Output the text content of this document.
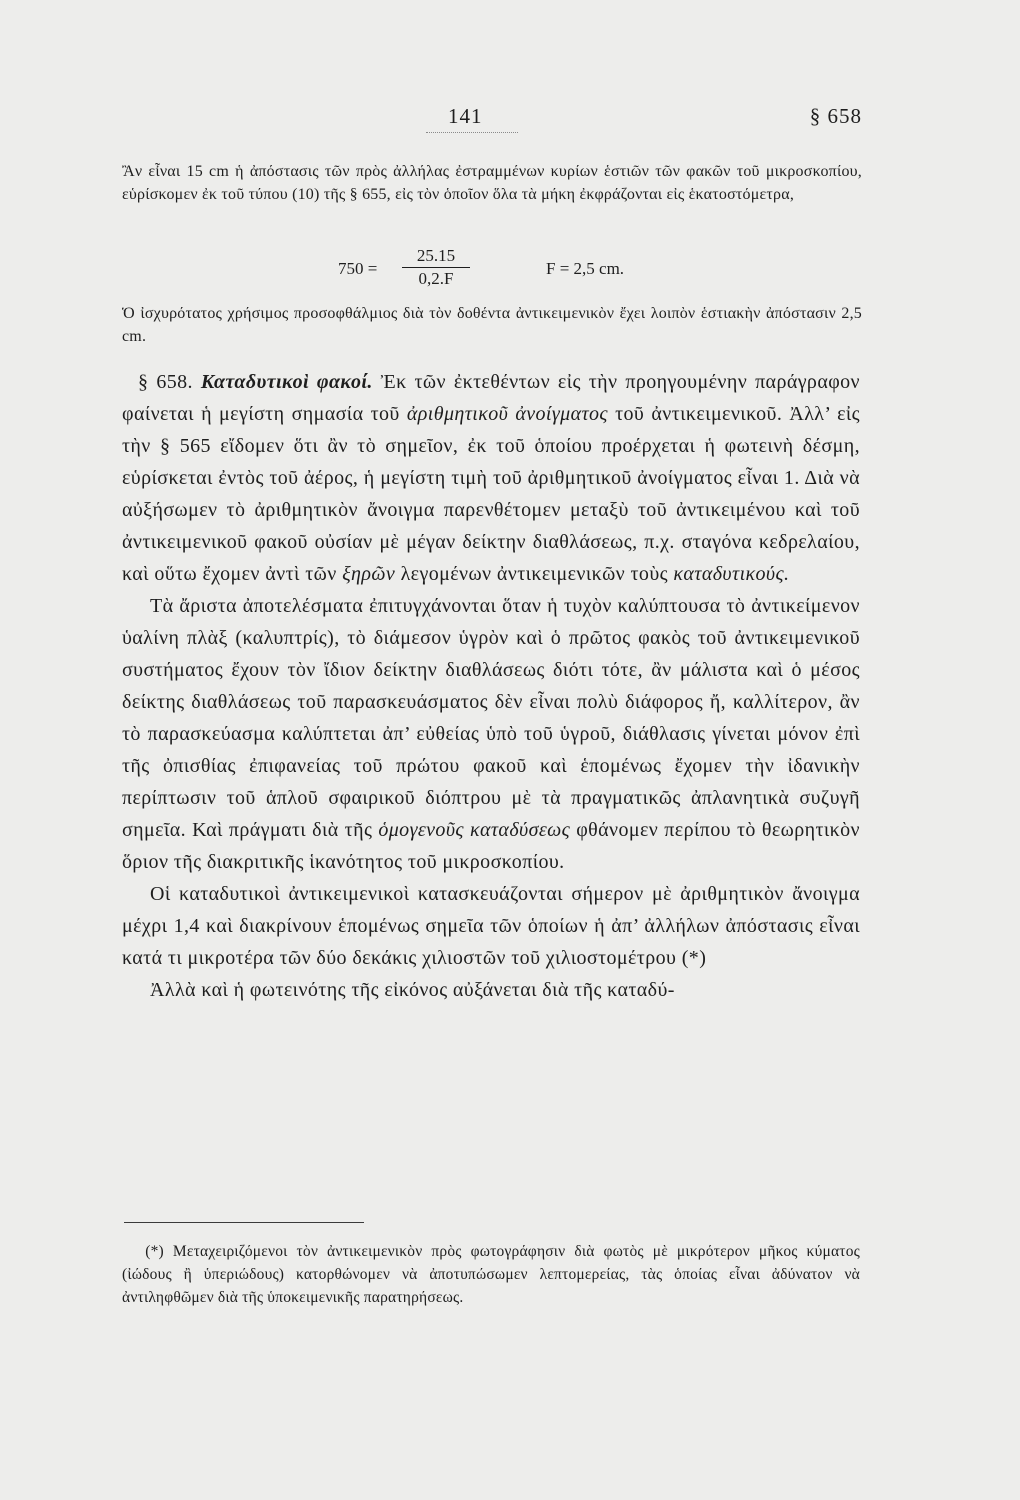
141	§ 658
Ἂν εἶναι 15 cm ἡ ἀπόστασις τῶν πρὸς ἀλλήλας ἐστραμμένων κυρίων ἑστιῶν τῶν φακῶν τοῦ μικροσκοπίου, εὑρίσκομεν ἐκ τοῦ τύπου (10) τῆς § 655, εἰς τὸν ὁποῖον ὅλα τὰ μήκη ἐκφράζονται εἰς ἑκατοστόμετρα,
$750 = \frac{25.15}{0,2.F}$	F = 2,5 cm.
Ὁ ἰσχυρότατος χρήσιμος προσοφθάλμιος διὰ τὸν δοθέντα ἀντικειμενικὸν ἔχει λοιπὸν ἑστιακὴν ἀπόστασιν 2,5 cm.

§ 658. Καταδυτικοὶ φακοί. Ἐκ τῶν ἐκτεθέντων εἰς τὴν προηγουμένην παράγραφον φαίνεται ἡ μεγίστη σημασία τοῦ ἀριθμητικοῦ ἀνοίγματος τοῦ ἀντικειμενικοῦ. Ἀλλ’ εἰς τὴν § 565 εἴδομεν ὅτι ἂν τὸ σημεῖον, ἐκ τοῦ ὁποίου προέρχεται ἡ φωτεινὴ δέσμη, εὑρίσκεται ἐντὸς τοῦ ἀέρος, ἡ μεγίστη τιμὴ τοῦ ἀριθμητικοῦ ἀνοίγματος εἶναι 1. Διὰ νὰ αὐξήσωμεν τὸ ἀριθμητικὸν ἄνοιγμα παρενθέτομεν μεταξὺ τοῦ ἀντικειμένου καὶ τοῦ ἀντικειμενικοῦ φακοῦ οὐσίαν μὲ μέγαν δείκτην διαθλάσεως, π.χ. σταγόνα κεδρελαίου, καὶ οὕτω ἔχομεν ἀντὶ τῶν ξηρῶν λεγομένων ἀντικειμενικῶν τοὺς καταδυτικούς.

Τὰ ἄριστα ἀποτελέσματα ἐπιτυγχάνονται ὅταν ἡ τυχὸν καλύπτουσα τὸ ἀντικείμενον ὑαλίνη πλὰξ (καλυπτρίς), τὸ διάμεσον ὑγρὸν καὶ ὁ πρῶτος φακὸς τοῦ ἀντικειμενικοῦ συστήματος ἔχουν τὸν ἴδιον δείκτην διαθλάσεως διότι τότε, ἂν μάλιστα καὶ ὁ μέσος δείκτης διαθλάσεως τοῦ παρασκευάσματος δὲν εἶναι πολὺ διάφορος ἤ, καλλίτερον, ἂν τὸ παρασκεύασμα καλύπτεται ἀπ’ εὐθείας ὑπὸ τοῦ ὑγροῦ, διάθλασις γίνεται μόνον ἐπὶ τῆς ὀπισθίας ἐπιφανείας τοῦ πρώτου φακοῦ καὶ ἑπομένως ἔχομεν τὴν ἰδανικὴν περίπτωσιν τοῦ ἁπλοῦ σφαιρικοῦ διόπτρου μὲ τὰ πραγματικῶς ἀπλανητικὰ συζυγῆ σημεῖα. Καὶ πράγματι διὰ τῆς ὁμογενοῦς καταδύσεως φθάνομεν περίπου τὸ θεωρητικὸν ὅριον τῆς διακριτικῆς ἱκανότητος τοῦ μικροσκοπίου.

Οἱ καταδυτικοὶ ἀντικειμενικοὶ κατασκευάζονται σήμερον μὲ ἀριθμητικὸν ἄνοιγμα μέχρι 1,4 καὶ διακρίνουν ἑπομένως σημεῖα τῶν ὁποίων ἡ ἀπ’ ἀλλήλων ἀπόστασις εἶναι κατά τι μικροτέρα τῶν δύο δεκάκις χιλιοστῶν τοῦ χιλιοστομέτρου (*)

Ἀλλὰ καὶ ἡ φωτεινότης τῆς εἰκόνος αὐξάνεται διὰ τῆς καταδύ-

(*) Μεταχειριζόμενοι τὸν ἀντικειμενικὸν πρὸς φωτογράφησιν διὰ φωτὸς μὲ μικρότερον μῆκος κύματος (ἰώδους ἢ ὑπεριώδους) κατορθώνομεν νὰ ἀποτυπώσωμεν λεπτομερείας, τὰς ὁποίας εἶναι ἀδύνατον νὰ ἀντιληφθῶμεν διὰ τῆς ὑποκειμενικῆς παρατηρήσεως.
